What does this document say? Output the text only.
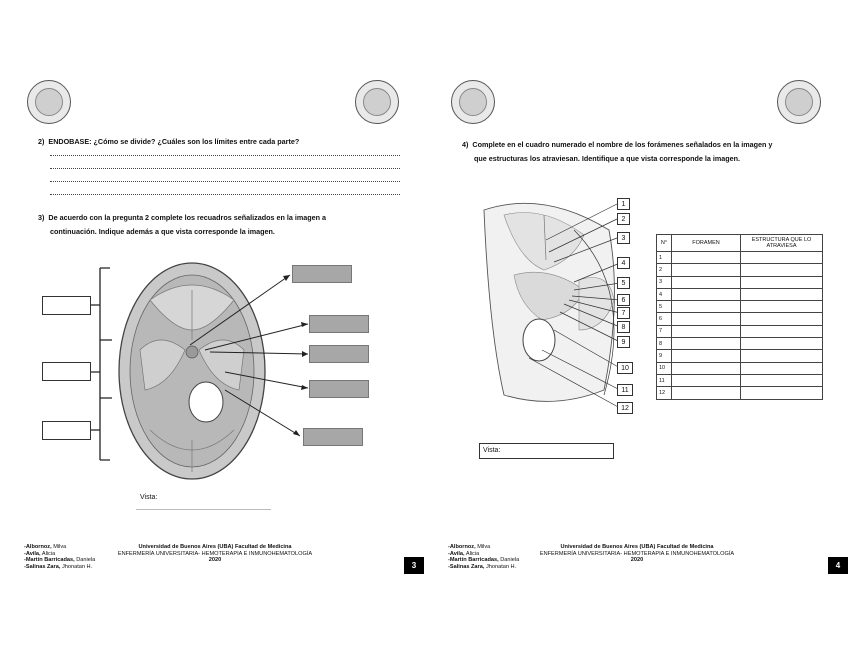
2) ENDOBASE: ¿Cómo se divide? ¿Cuáles son los límites entre cada parte?
3) De acuerdo con la pregunta 2 complete los recuadros señalizados en la imagen a
continuación. Indique además a que vista corresponde la imagen.
Vista:
-Albornoz, Milva
-Avila, Alicia
-Martín Barricadas, Daniela
-Salinas Zara, Jhonatan H.
Universidad de Buenos Aires (UBA) Facultad de Medicina
ENFERMERÍA UNIVERSITARIA- HEMOTERAPIA E INMUNOHEMATOLOGÍA
2020
3
4) Complete en el cuadro numerado el nombre de los forámenes señalados en la imagen y
que estructuras los atraviesan. Identifique a que vista corresponde la imagen.
1
2
3
4
5
6
7
8
9
10
11
12
N°	FORAMEN	ESTRUCTURA QUE LO ATRAVIESA
1		
2		
3		
4		
5		
6		
7		
8		
9		
10		
11		
12		
Vista:
-Albornoz, Milva
-Avila, Alicia
-Martín Barricadas, Daniela
-Salinas Zara, Jhonatan H.
Universidad de Buenos Aires (UBA) Facultad de Medicina
ENFERMERÍA UNIVERSITARIA- HEMOTERAPIA E INMUNOHEMATOLOGÍA
2020
4
